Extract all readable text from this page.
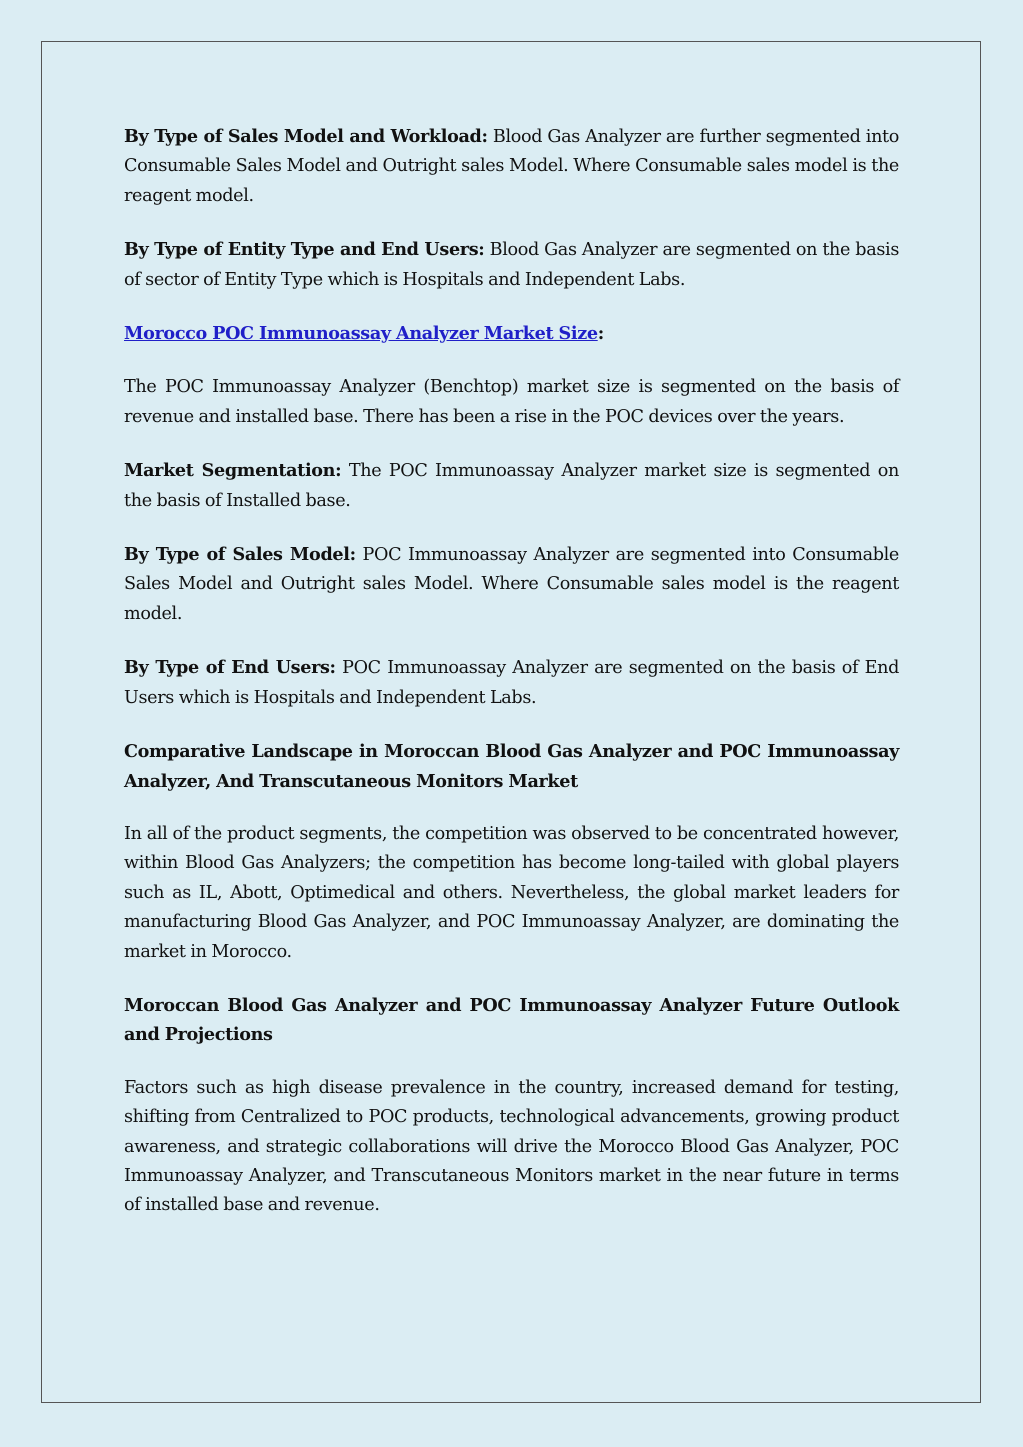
By Type of Sales Model and Workload: Blood Gas Analyzer are further segmented into Consumable Sales Model and Outright sales Model. Where Consumable sales model is the reagent model.

By Type of Entity Type and End Users: Blood Gas Analyzer are segmented on the basis of sector of Entity Type which is Hospitals and Independent Labs.

Morocco POC Immunoassay Analyzer Market Size:

The POC Immunoassay Analyzer (Benchtop) market size is segmented on the basis of revenue and installed base. There has been a rise in the POC devices over the years.

Market Segmentation: The POC Immunoassay Analyzer market size is segmented on the basis of Installed base.

By Type of Sales Model: POC Immunoassay Analyzer are segmented into Consumable Sales Model and Outright sales Model. Where Consumable sales model is the reagent model.

By Type of End Users: POC Immunoassay Analyzer are segmented on the basis of End Users which is Hospitals and Independent Labs.

Comparative Landscape in Moroccan Blood Gas Analyzer and POC Immunoassay Analyzer, And Transcutaneous Monitors Market

In all of the product segments, the competition was observed to be concentrated however, within Blood Gas Analyzers; the competition has become long-tailed with global players such as IL, Abott, Optimedical and others. Nevertheless, the global market leaders for manufacturing Blood Gas Analyzer, and POC Immunoassay Analyzer, are dominating the market in Morocco.

Moroccan Blood Gas Analyzer and POC Immunoassay Analyzer Future Outlook and Projections

Factors such as high disease prevalence in the country, increased demand for testing, shifting from Centralized to POC products, technological advancements, growing product awareness, and strategic collaborations will drive the Morocco Blood Gas Analyzer, POC Immunoassay Analyzer, and Transcutaneous Monitors market in the near future in terms of installed base and revenue.
